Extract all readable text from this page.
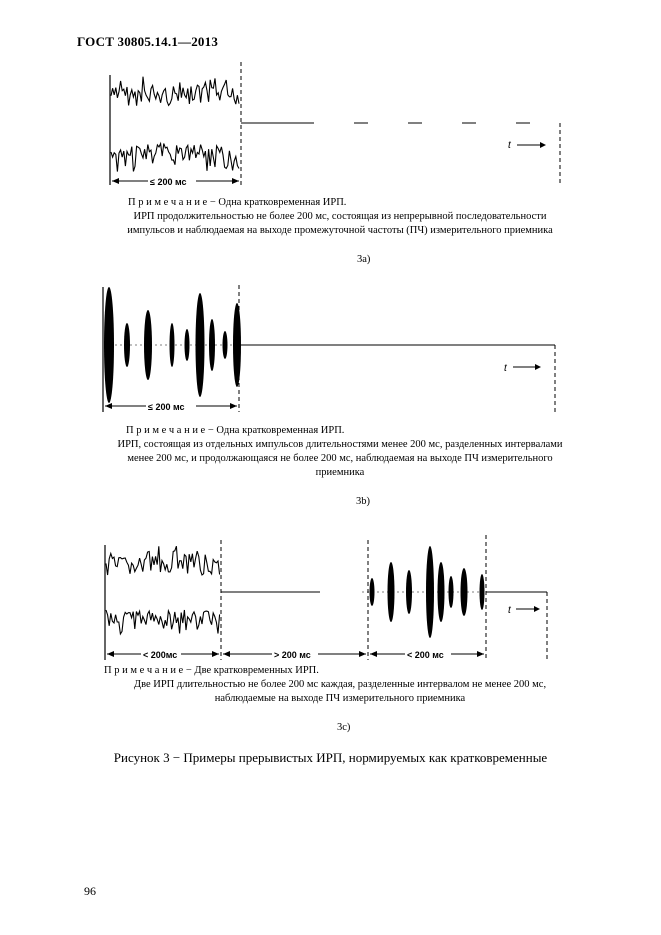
ГОСТ 30805.14.1—2013
t
≤ 200 мс
П р и м е ч а н и е − Одна кратковременная ИРП.
ИРП продолжительностью не более 200 мс, состоящая из непрерывной последовательности
импульсов и наблюдаемая на выходе промежуточной частоты (ПЧ) измерительного приемника
3а)
t
≤ 200 мс
П р и м е ч а н и е − Одна кратковременная ИРП.
ИРП, состоящая из отдельных импульсов длительностями менее 200 мс, разделенных интервалами
менее 200 мс, и продолжающаяся не более 200 мс, наблюдаемая на выходе ПЧ измерительного
приемника
3b)
t
< 200мс	> 200 мс	< 200 мс
П р и м е ч а н и е − Две кратковременных ИРП.
Две ИРП длительностью не более 200 мс каждая, разделенные интервалом не менее 200 мс,
наблюдаемые на выходе ПЧ измерительного приемника
3с)
Рисунок 3 − Примеры прерывистых ИРП, нормируемых как кратковременные
96
